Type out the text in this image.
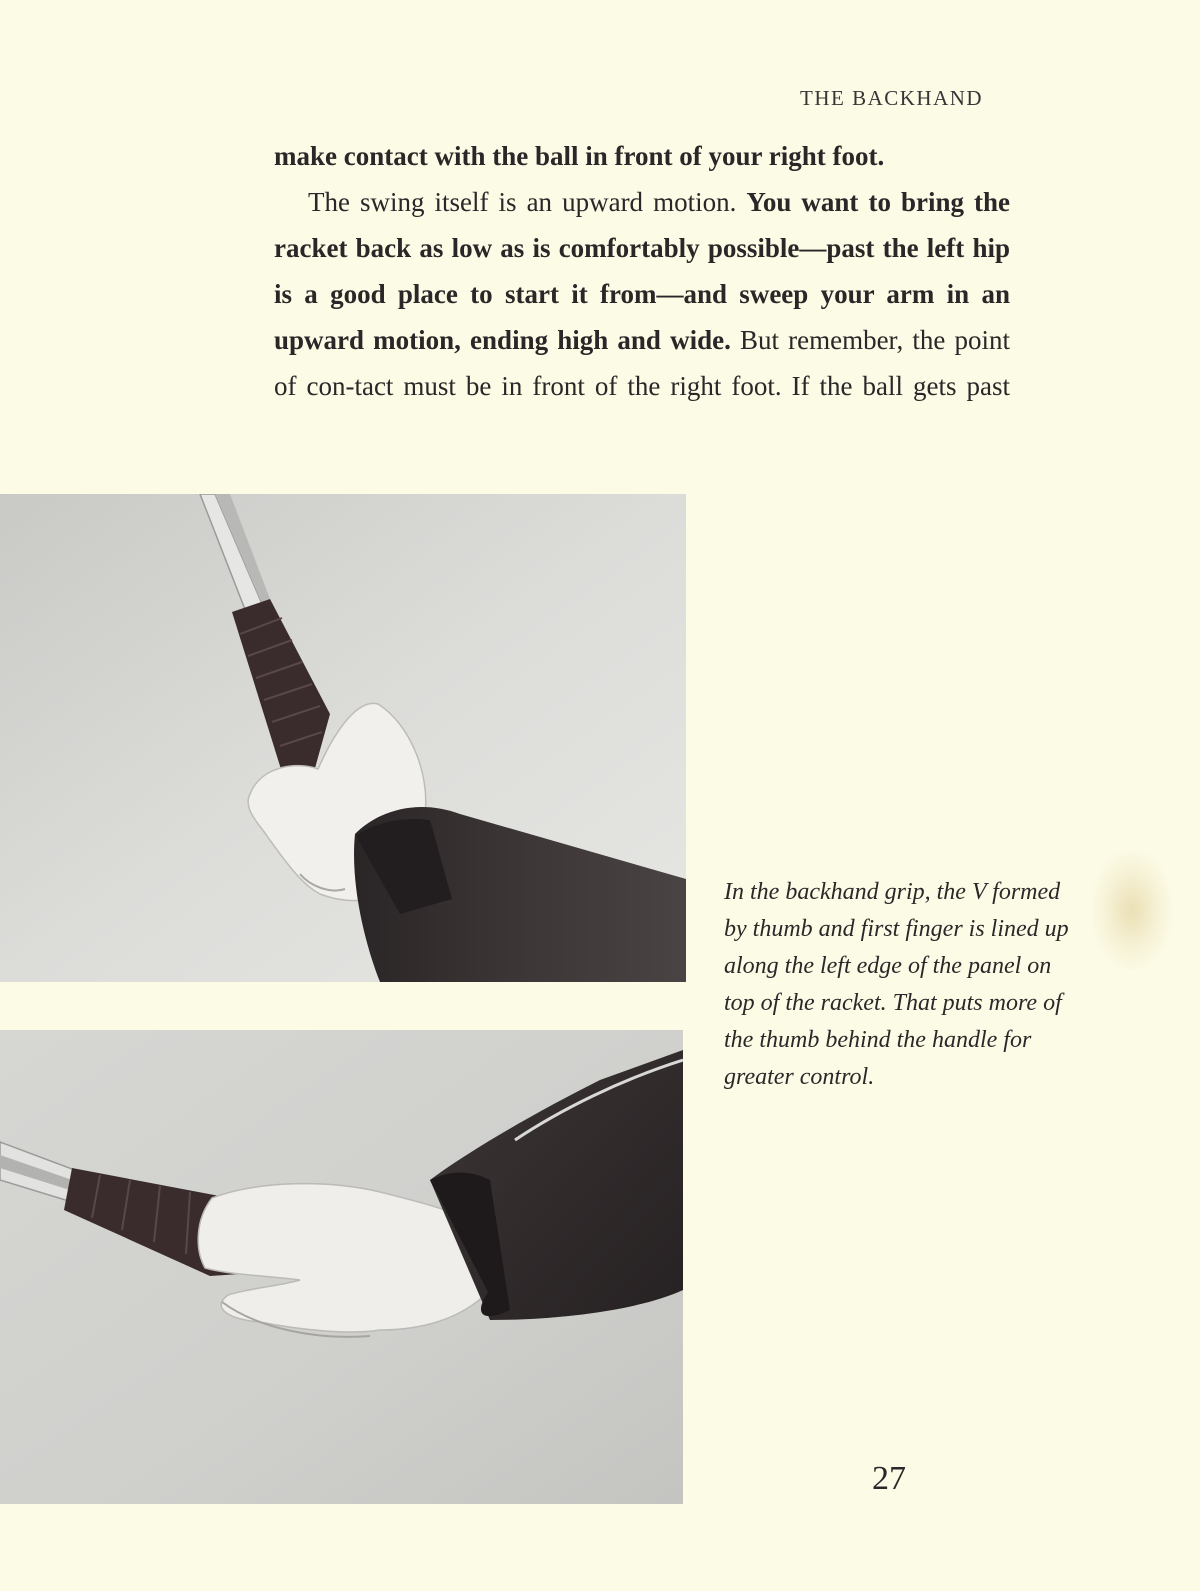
THE BACKHAND

make contact with the ball in front of your right foot.

The swing itself is an upward motion. You want to bring the racket back as low as is comfortably possible—past the left hip is a good place to start it from—and sweep your arm in an upward motion, ending high and wide. But remember, the point of con-tact must be in front of the right foot. If the ball gets past

In the backhand grip, the V formed
by thumb and first finger is lined up
along the left edge of the panel on
top of the racket. That puts more of
the thumb behind the handle for
greater control.
27
